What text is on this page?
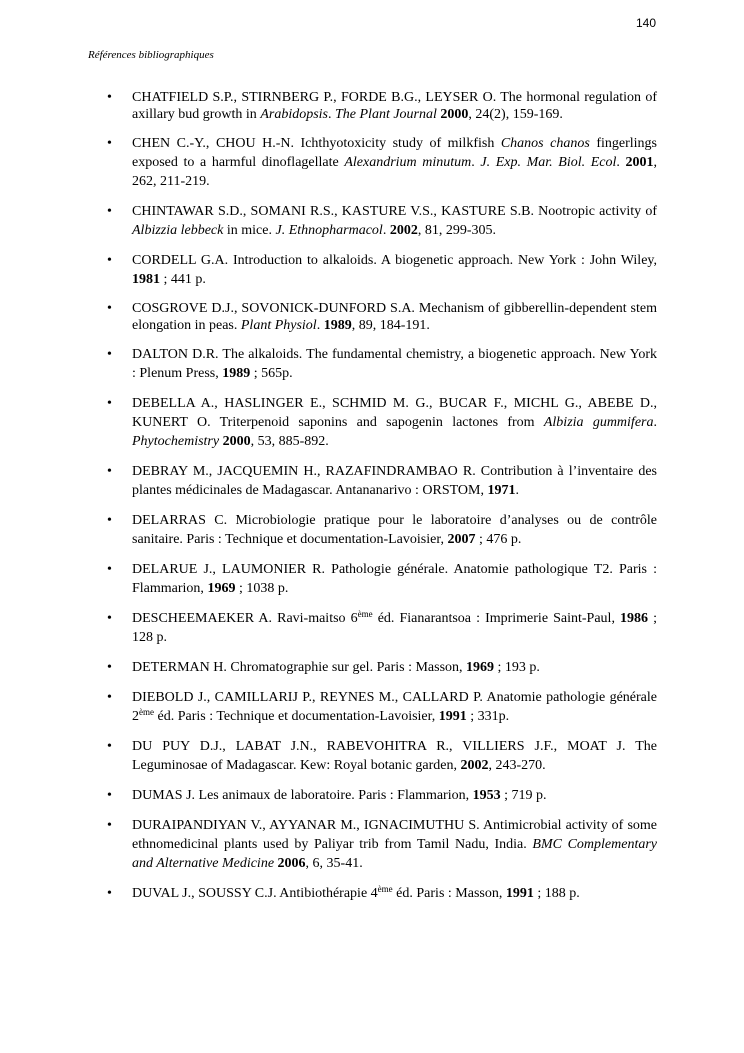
140
Références bibliographiques
• CHATFIELD S.P., STIRNBERG P., FORDE B.G., LEYSER O. The hormonal regulation of axillary bud growth in Arabidopsis. The Plant Journal 2000, 24(2), 159-169.
• CHEN C.-Y., CHOU H.-N. Ichthyotoxicity study of milkfish Chanos chanos fingerlings exposed to a harmful dinoflagellate Alexandrium minutum. J. Exp. Mar. Biol. Ecol. 2001, 262, 211-219.
• CHINTAWAR S.D., SOMANI R.S., KASTURE V.S., KASTURE S.B. Nootropic activity of Albizzia lebbeck in mice. J. Ethnopharmacol. 2002, 81, 299-305.
• CORDELL G.A. Introduction to alkaloids. A biogenetic approach. New York : John Wiley, 1981 ; 441 p.
• COSGROVE D.J., SOVONICK-DUNFORD S.A. Mechanism of gibberellin-dependent stem elongation in peas. Plant Physiol. 1989, 89, 184-191.
• DALTON D.R. The alkaloids. The fundamental chemistry, a biogenetic approach. New York : Plenum Press, 1989 ; 565p.
• DEBELLA A., HASLINGER E., SCHMID M. G., BUCAR F., MICHL G., ABEBE D., KUNERT O. Triterpenoid saponins and sapogenin lactones from Albizia gummifera. Phytochemistry 2000, 53, 885-892.
• DEBRAY M., JACQUEMIN H., RAZAFINDRAMBAO R. Contribution à l’inventaire des plantes médicinales de Madagascar. Antananarivo : ORSTOM, 1971.
• DELARRAS C. Microbiologie pratique pour le laboratoire d’analyses ou de contrôle sanitaire. Paris : Technique et documentation-Lavoisier, 2007 ; 476 p.
• DELARUE J., LAUMONIER R. Pathologie générale. Anatomie pathologique T2. Paris : Flammarion, 1969 ; 1038 p.
• DESCHEEMAEKER A. Ravi-maitso 6ème éd. Fianarantsoa : Imprimerie Saint-Paul, 1986 ; 128 p.
• DETERMAN H. Chromatographie sur gel. Paris : Masson, 1969 ; 193 p.
• DIEBOLD J., CAMILLARIJ P., REYNES M., CALLARD P. Anatomie pathologie générale 2ème éd. Paris : Technique et documentation-Lavoisier, 1991 ; 331p.
• DU PUY D.J., LABAT J.N., RABEVOHITRA R., VILLIERS J.F., MOAT J. The Leguminosae of Madagascar. Kew: Royal botanic garden, 2002, 243-270.
• DUMAS J. Les animaux de laboratoire. Paris : Flammarion, 1953 ; 719 p.
• DURAIPANDIYAN V., AYYANAR M., IGNACIMUTHU S. Antimicrobial activity of some ethnomedicinal plants used by Paliyar trib from Tamil Nadu, India. BMC Complementary and Alternative Medicine 2006, 6, 35-41.
• DUVAL J., SOUSSY C.J. Antibiothérapie 4ème éd. Paris : Masson, 1991 ; 188 p.
